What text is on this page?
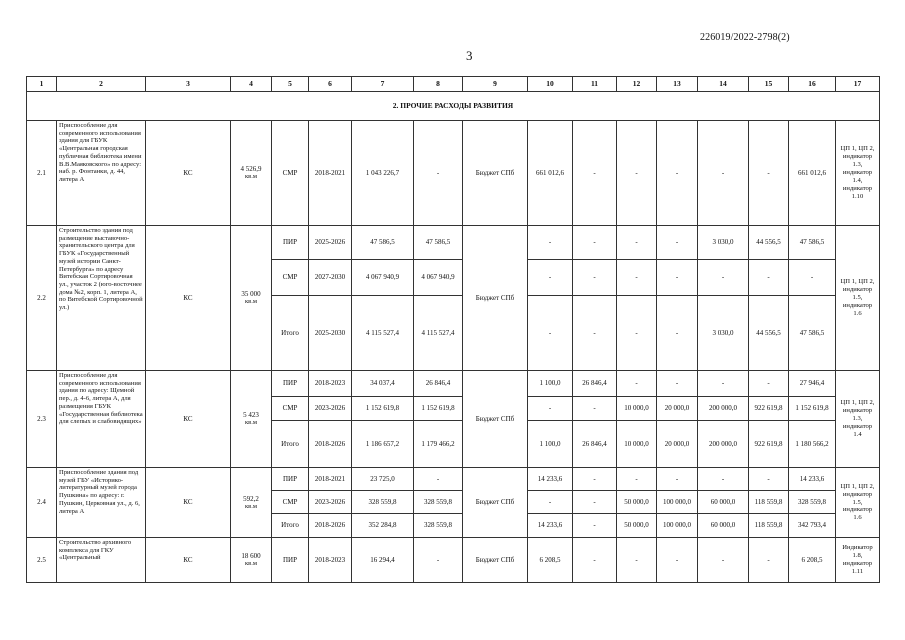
226019/2022-2798(2)
3
1	2	3	4	5	6	7	8	9	10	11	12	13	14	15	16	17
2. ПРОЧИЕ РАСХОДЫ РАЗВИТИЯ																
2.1	Приспособление для современного использования здания для ГБУК «Центральная городская публичная библиотека имени В.В.Маяковского» по адресу: наб. р. Фонтанки, д. 44, литера А	КС	4 526,9
кв.м	СМР	2018-2021	1 043 226,7	-	Бюджет СПб	661 012,6	-	-	-	-	-	661 012,6	ЦП 1, ЦП 2, индикатор 1.3, индикатор 1.4, индикатор 1.10
2.2	Строительство здания под размещение выставочно-хранительского центра для ГБУК «Государственный музей истории Санкт-Петербурга» по адресу Витебская Сортировочная ул., участок 2 (юго-восточнее дома №2, корп. 1, литера А, по Витебской Сортировочной ул.)	КС	35 000
кв.м	ПИР	2025-2026	47 586,5	47 586,5	Бюджет СПб	-	-	-	-	3 030,0	44 556,5	47 586,5	ЦП 1, ЦП 2, индикатор 1.5, индикатор 1.6
				СМР	2027-2030	4 067 940,9	4 067 940,9		-	-	-	-	-	-	-	
				Итого	2025-2030	4 115 527,4	4 115 527,4		-	-	-	-	3 030,0	44 556,5	47 586,5	
2.3	Приспособление для современного использования здания по адресу: Щемной пер., д. 4-6, литера А, для размещения ГБУК «Государственная библиотека для слепых и слабовидящих»	КС	5 423
кв.м	ПИР	2018-2023	34 037,4	26 846,4	Бюджет СПб	1 100,0	26 846,4	-	-	-	-	27 946,4	ЦП 1, ЦП 2, индикатор 1.3, индикатор 1.4
				СМР	2023-2026	1 152 619,8	1 152 619,8		-	-	10 000,0	20 000,0	200 000,0	922 619,8	1 152 619,8	
				Итого	2018-2026	1 186 657,2	1 179 466,2		1 100,0	26 846,4	10 000,0	20 000,0	200 000,0	922 619,8	1 180 566,2	
2.4	Приспособление здания под музей ГБУ «Историко-литературный музей города Пушкина» по адресу: г. Пушкин, Церковная ул., д. 6, литера А	КС	592,2
кв.м	ПИР	2018-2021	23 725,0	-	Бюджет СПб	14 233,6	-	-	-	-	-	14 233,6	ЦП 1, ЦП 2, индикатор 1.5, индикатор 1.6
				СМР	2023-2026	328 559,8	328 559,8		-	-	50 000,0	100 000,0	60 000,0	118 559,8	328 559,8	
				Итого	2018-2026	352 284,8	328 559,8		14 233,6	-	50 000,0	100 000,0	60 000,0	118 559,8	342 793,4	
2.5	Строительство архивного комплекса для ГКУ «Центральный	КС	18 600
кв.м	ПИР	2018-2023	16 294,4	-	Бюджет СПб	6 208,5	-	-	-	-	-	6 208,5	Индикатор 1.8, индикатор 1.11
